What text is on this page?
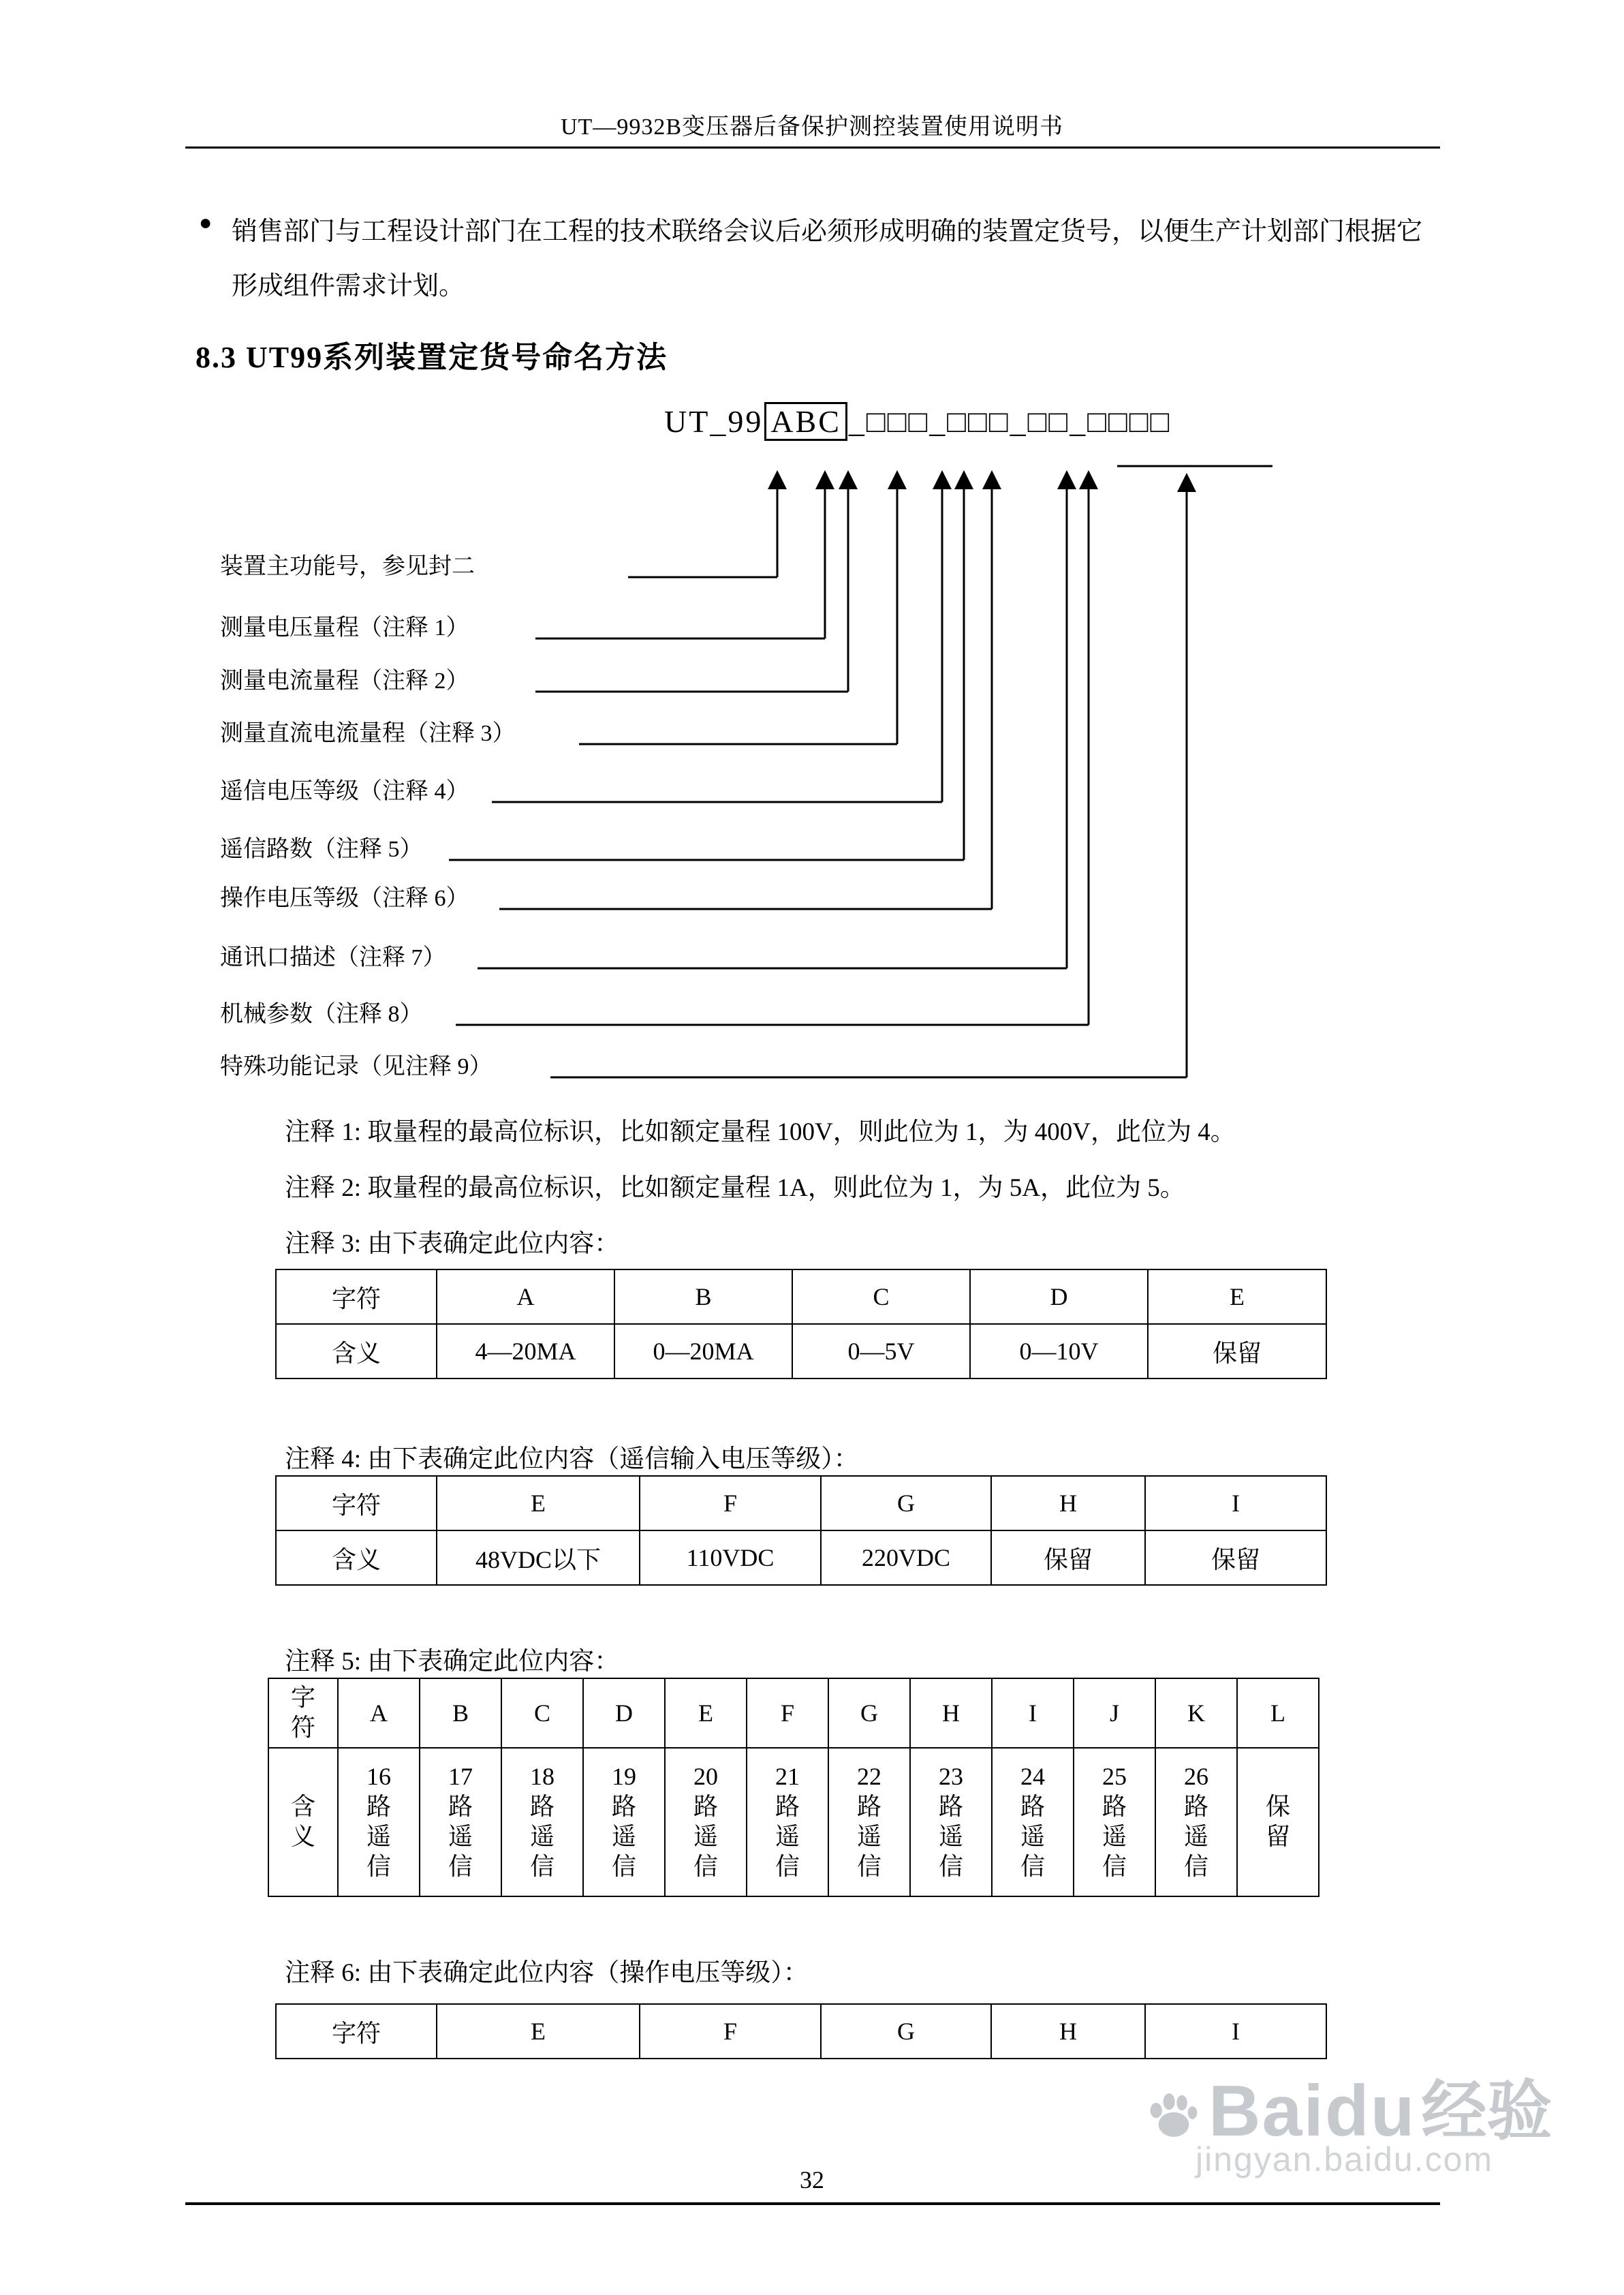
UT—9932B变压器后备保护测控装置使用说明书
● 销售部门与工程设计部门在工程的技术联络会议后必须形成明确的装置定货号，以便生产计划部门根据它形成组件需求计划。
8.3 UT99系列装置定货号命名方法
UT_99 ABC _□□□_□□□_□□_□□□□
装置主功能号，参见封二
测量电压量程（注释 1）
测量电流量程（注释 2）
测量直流电流量程（注释 3）
遥信电压等级（注释 4）
遥信路数（注释 5）
操作电压等级（注释 6）
通讯口描述（注释 7）
机械参数（注释 8）
特殊功能记录（见注释 9）
注释 1: 取量程的最高位标识，比如额定量程 100V，则此位为 1，为 400V，此位为 4。
注释 2: 取量程的最高位标识，比如额定量程 1A，则此位为 1，为 5A，此位为 5。
注释 3: 由下表确定此位内容：
字符	A	B	C	D	E
含义	4—20MA	0—20MA	0—5V	0—10V	保留
注释 4: 由下表确定此位内容（遥信输入电压等级）：
字符	E	F	G	H	I
含义	48VDC以下	110VDC	220VDC	保留	保留
注释 5: 由下表确定此位内容：
字符	A	B	C	D	E	F	G	H	I	J	K	L

含义	16路遥信	17路遥信	18路遥信	19路遥信	20路遥信	21路遥信	22路遥信	23路遥信	24路遥信	25路遥信	26路遥信	保留
注释 6: 由下表确定此位内容（操作电压等级）：
字符	E	F	G	H	I
Baidu 经验
jingyan.baidu.com
32
